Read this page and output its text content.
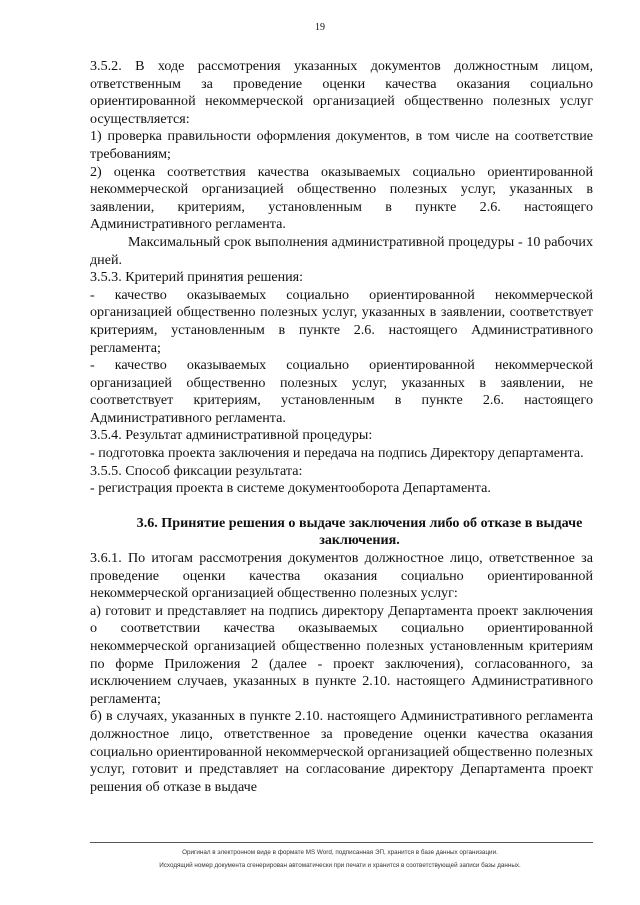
19

3.5.2. В ходе рассмотрения указанных документов должностным лицом, ответственным за проведение оценки качества оказания социально ориентированной некоммерческой организацией общественно полезных услуг осуществляется:

1) проверка правильности оформления документов, в том числе на соответствие требованиям;

2) оценка соответствия качества оказываемых социально ориентированной некоммерческой организацией общественно полезных услуг, указанных в заявлении, критериям, установленным в пункте 2.6. настоящего Административного регламента.

Максимальный срок выполнения административной процедуры - 10 рабочих дней.

3.5.3. Критерий принятия решения:

- качество оказываемых социально ориентированной некоммерческой организацией общественно полезных услуг, указанных в заявлении, соответствует критериям, установленным в пункте 2.6. настоящего Административного регламента;

- качество оказываемых социально ориентированной некоммерческой организацией общественно полезных услуг, указанных в заявлении, не соответствует критериям, установленным в пункте 2.6. настоящего Административного регламента.

3.5.4. Результат административной процедуры:

- подготовка проекта заключения и передача на подпись Директору департамента.

3.5.5. Способ фиксации результата:

- регистрация проекта в системе документооборота Департамента.

3.6. Принятие решения о выдаче заключения либо об отказе в выдаче заключения.

3.6.1. По итогам рассмотрения документов должностное лицо, ответственное за проведение оценки качества оказания социально ориентированной некоммерческой организацией общественно полезных услуг:

а) готовит и представляет на подпись директору Департамента проект заключения о соответствии качества оказываемых социально ориентированной некоммерческой организацией общественно полезных установленным критериям по форме Приложения 2 (далее - проект заключения), согласованного, за исключением случаев, указанных в пункте 2.10. настоящего Административного регламента;

б) в случаях, указанных в пункте 2.10. настоящего Административного регламента должностное лицо, ответственное за проведение оценки качества оказания социально ориентированной некоммерческой организацией общественно полезных услуг, готовит и представляет на согласование директору Департамента проект решения об отказе в выдаче

Оригинал в электронном виде в формате MS Word, подписанная ЭП, хранится в базе данных организации.
Исходящий номер документа сгенерирован автоматически при печати и хранится в соответствующей записи базы данных.
